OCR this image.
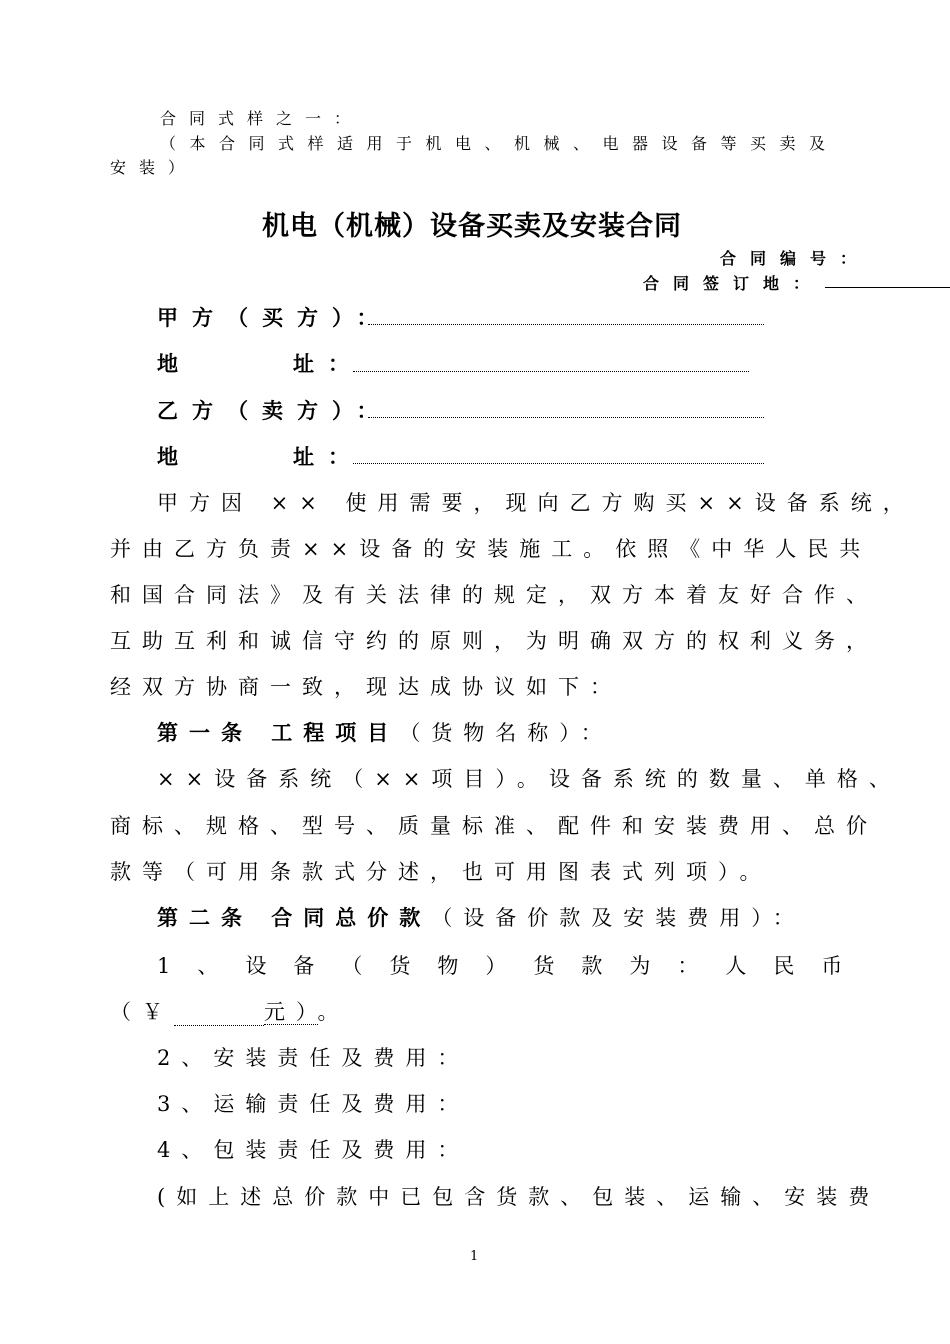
合同式样之一：
（本合同式样适用于机电、机械、电器设备等买卖及
安装）
机电（机械）设备买卖及安装合同
合同编号：
合同签订地：
甲方（买方）：
地	址：
乙方（卖方）：
地	址：
甲方因 ×× 使用需要，现向乙方购买××设备系统，
并由乙方负责××设备的安装施工。依照《中华人民共
和国合同法》及有关法律的规定，双方本着友好合作、
互助互利和诚信守约的原则，为明确双方的权利义务，
经双方协商一致，现达成协议如下：
第一条 工程项目（货物名称）：
××设备系统（××项目）。设备系统的数量、单格、
商标、规格、型号、质量标准、配件和安装费用、总价
款等（可用条款式分述，也可用图表式列项）。
第二条 合同总价款（设备价款及安装费用）：
1、设备（货物）货款为：人民币
（￥	元）。
2、安装责任及费用：
3、运输责任及费用：
4、包装责任及费用：
(如上述总价款中已包含货款、包装、运输、安装费
1
